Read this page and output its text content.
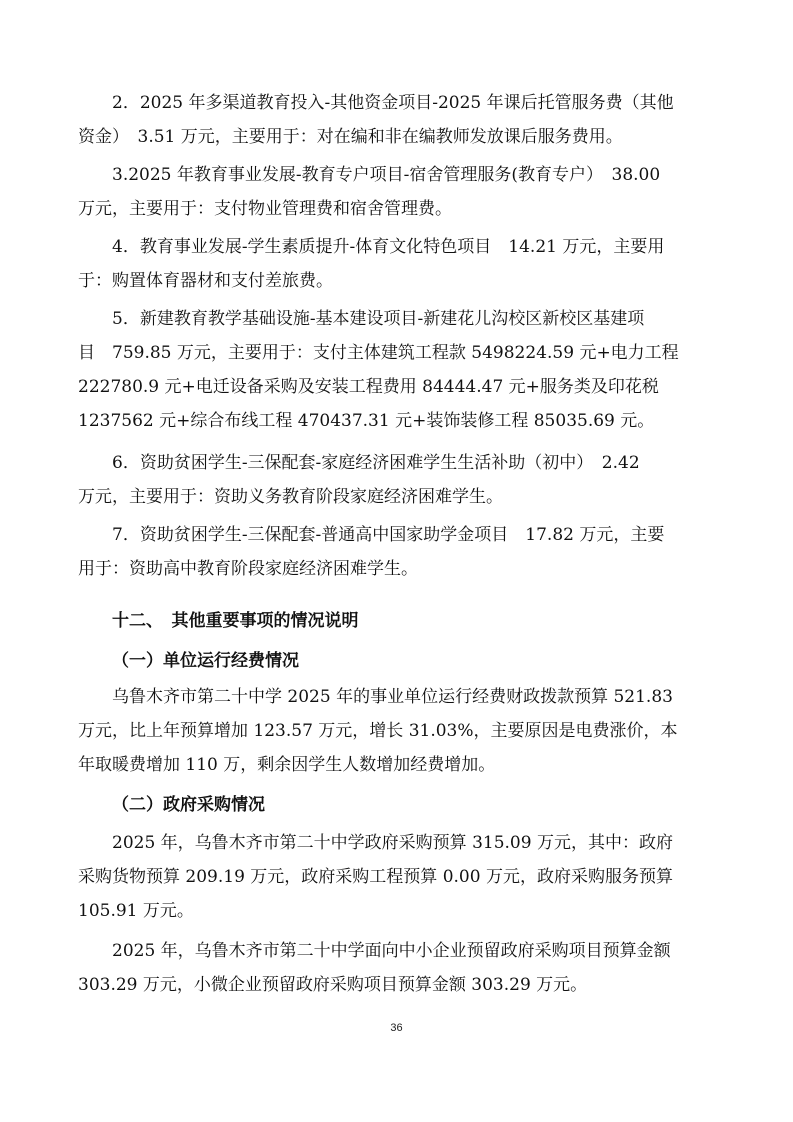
2．2025 年多渠道教育投入-其他资金项目-2025 年课后托管服务费（其他
资金）　3.51 万元，主要用于：对在编和非在编教师发放课后服务费用。
3.2025 年教育事业发展-教育专户项目-宿舍管理服务(教育专户）　38.00
万元，主要用于：支付物业管理费和宿舍管理费。
4．教育事业发展-学生素质提升-体育文化特色项目　14.21 万元，主要用
于：购置体育器材和支付差旅费。
5．新建教育教学基础设施-基本建设项目-新建花儿沟校区新校区基建项
目　759.85 万元，主要用于：支付主体建筑工程款 5498224.59 元+电力工程
222780.9 元+电迁设备采购及安装工程费用 84444.47 元+服务类及印花税
1237562 元+综合布线工程 470437.31 元+装饰装修工程 85035.69 元。
6．资助贫困学生-三保配套-家庭经济困难学生生活补助（初中）　2.42
万元，主要用于：资助义务教育阶段家庭经济困难学生。
7．资助贫困学生-三保配套-普通高中国家助学金项目　17.82 万元，主要
用于：资助高中教育阶段家庭经济困难学生。
十二、　其他重要事项的情况说明
（一）单位运行经费情况
乌鲁木齐市第二十中学 2025 年的事业单位运行经费财政拨款预算 521.83
万元，比上年预算增加 123.57 万元，增长 31.03%，主要原因是电费涨价，本
年取暖费增加 110 万，剩余因学生人数增加经费增加。
（二）政府采购情况
2025 年，乌鲁木齐市第二十中学政府采购预算 315.09 万元，其中：政府
采购货物预算 209.19 万元，政府采购工程预算 0.00 万元，政府采购服务预算
105.91 万元。
2025 年，乌鲁木齐市第二十中学面向中小企业预留政府采购项目预算金额
303.29 万元，小微企业预留政府采购项目预算金额 303.29 万元。
36
